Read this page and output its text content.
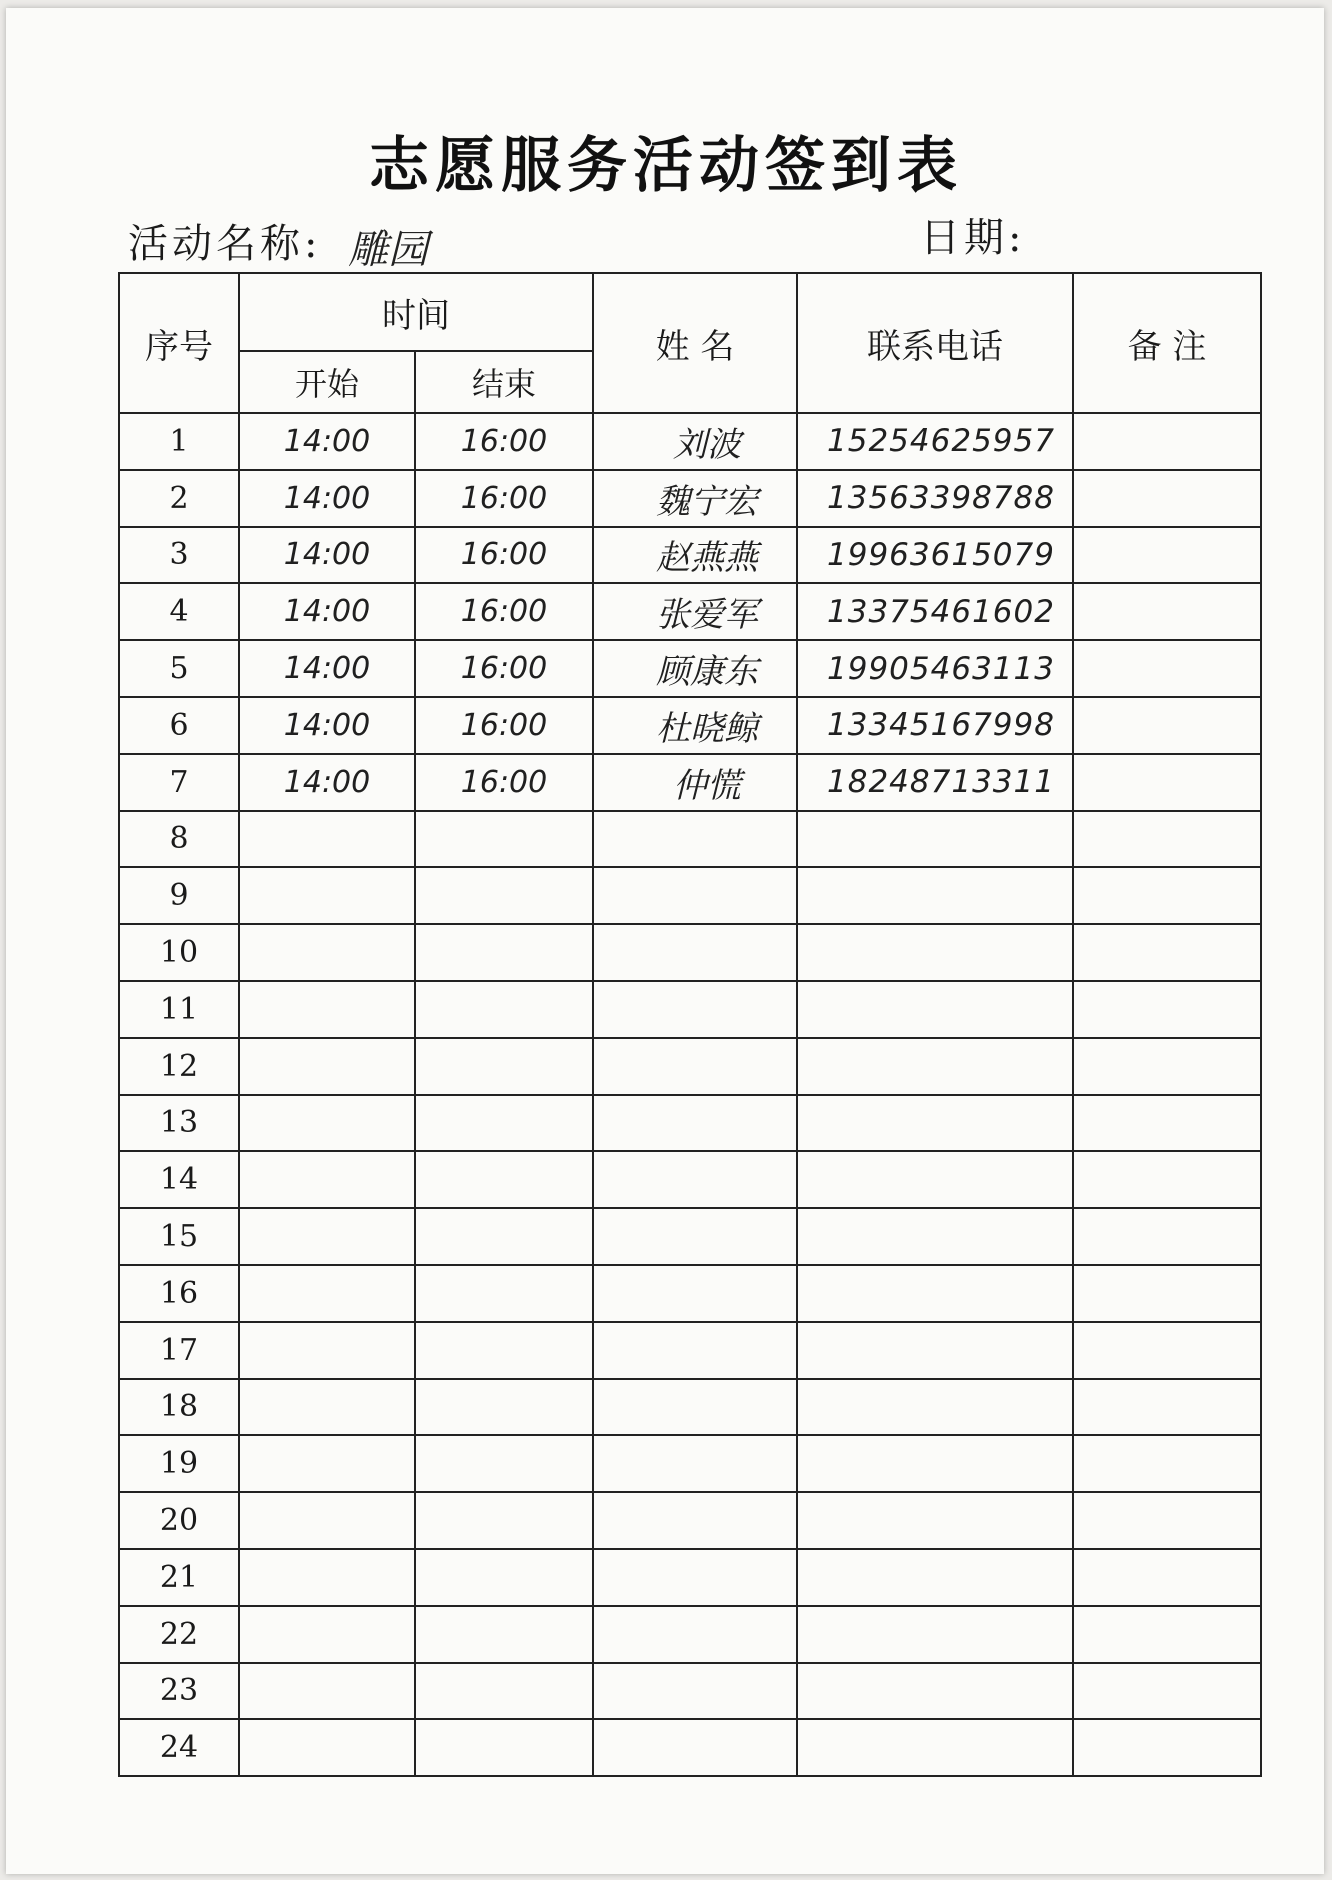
志愿服务活动签到表
活动名称: 雕园	日期:
序号	时间		姓 名	联系电话	备 注
	开始	结束			
1	14:00	16:00	刘波	15254625957	
2	14:00	16:00	魏宁宏	13563398788	
3	14:00	16:00	赵燕燕	19963615079	
4	14:00	16:00	张爱军	13375461602	
5	14:00	16:00	顾康东	19905463113	
6	14:00	16:00	杜晓鲸	13345167998	
7	14:00	16:00	仲慌	18248713311	
8					
9					
10					
11					
12					
13					
14					
15					
16					
17					
18					
19					
20					
21					
22					
23					
24					
